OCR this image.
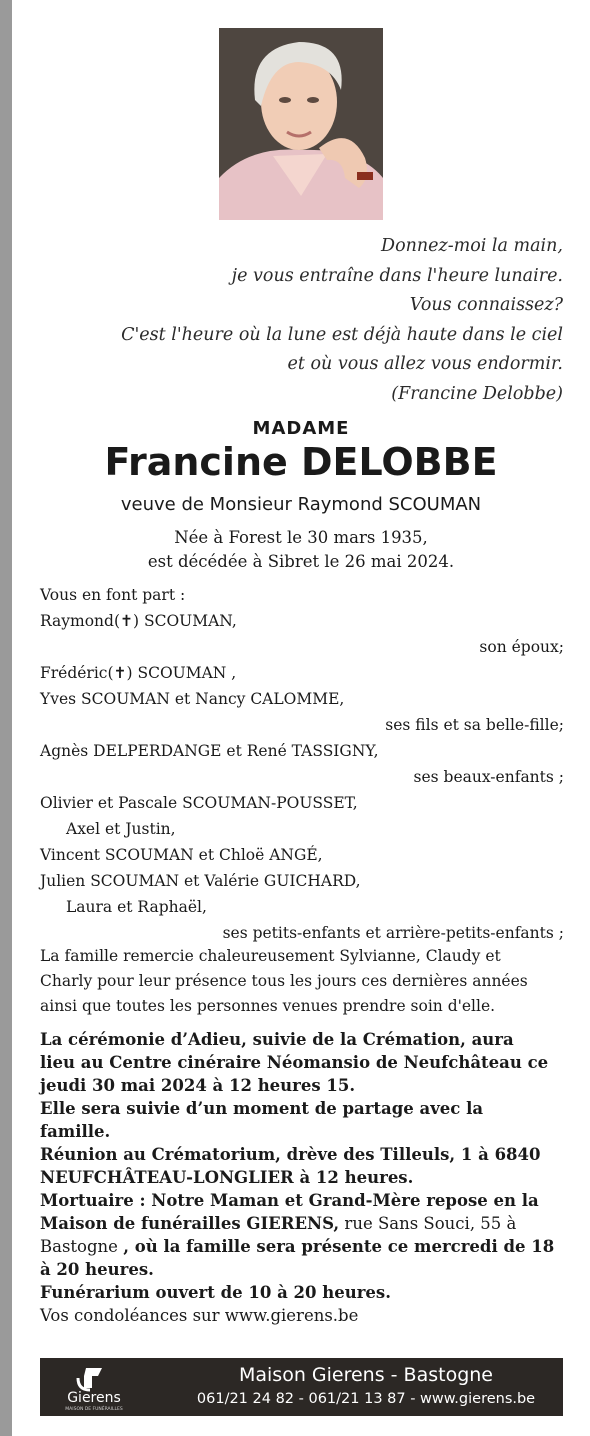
Donnez-moi la main,
je vous entraîne dans l'heure lunaire.
Vous connaissez?
C'est l'heure où la lune est déjà haute dans le ciel
et où vous allez vous endormir.
(Francine Delobbe)
MADAME
Francine DELOBBE
veuve de Monsieur Raymond SCOUMAN
Née à Forest le 30 mars 1935,
est décédée à Sibret le 26 mai 2024.
Vous en font part :
Raymond(✝) SCOUMAN,
son époux;
Frédéric(✝) SCOUMAN ,
Yves SCOUMAN et Nancy CALOMME,
ses fils et sa belle-fille;
Agnès DELPERDANGE et René TASSIGNY,
ses beaux-enfants ;
Olivier et Pascale SCOUMAN-POUSSET,
Axel et Justin,
Vincent SCOUMAN et Chloë ANGÉ,
Julien SCOUMAN et Valérie GUICHARD,
Laura et Raphaël,
ses petits-enfants et arrière-petits-enfants ;
La famille remercie chaleureusement Sylvianne, Claudy et
Charly pour leur présence tous les jours ces dernières années
ainsi que toutes les personnes venues prendre soin d'elle.
La cérémonie d’Adieu, suivie de la Crémation, aura
lieu au Centre cinéraire Néomansio de Neufchâteau ce
jeudi 30 mai 2024 à 12 heures 15.
Elle sera suivie d’un moment de partage avec la
famille.
Réunion au Crématorium, drève des Tilleuls, 1 à 6840
NEUFCHÂTEAU-LONGLIER à 12 heures.
Mortuaire : Notre Maman et Grand-Mère repose en la
Maison de funérailles GIERENS, rue Sans Souci, 55 à
Bastogne , où la famille sera présente ce mercredi de 18
à 20 heures.
Funérarium ouvert de 10 à 20 heures.
Vos condoléances sur www.gierens.be
Gierens
MAISON DE FUNÉRAILLES
Maison Gierens - Bastogne
061/21 24 82 - 061/21 13 87 - www.gierens.be
